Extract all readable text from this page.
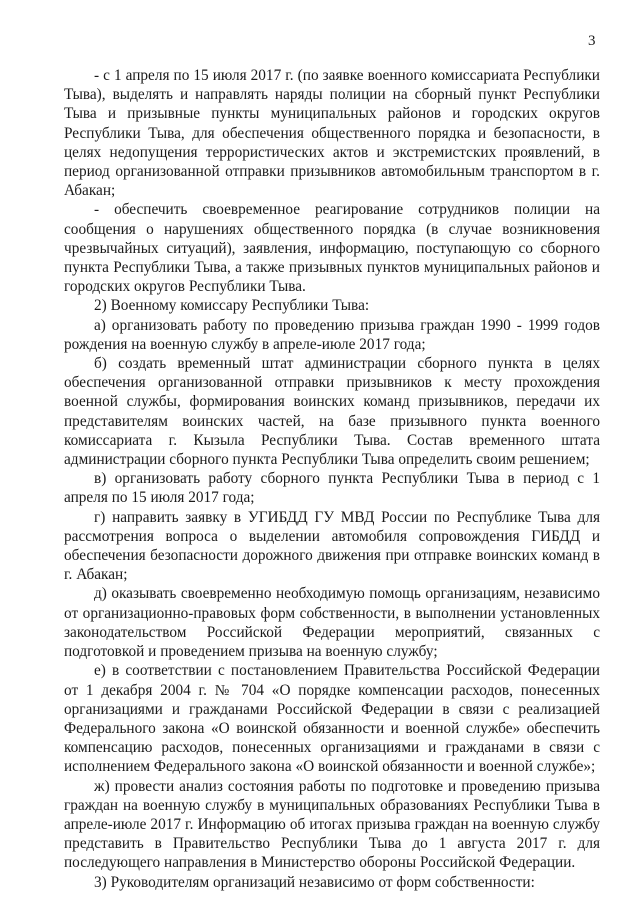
3

- с 1 апреля по 15 июля 2017 г. (по заявке военного комиссариата Республики Тыва), выделять и направлять наряды полиции на сборный пункт Республики Тыва и призывные пункты муниципальных районов и городских округов Республики Тыва, для обеспечения общественного порядка и безопасности, в целях недопущения террористических актов и экстремистских проявлений, в период организованной отправки призывников автомобильным транспортом в г. Абакан;

- обеспечить своевременное реагирование сотрудников полиции на сообщения о нарушениях общественного порядка (в случае возникновения чрезвычайных ситуаций), заявления, информацию, поступающую со сборного пункта Республики Тыва, а также призывных пунктов муниципальных районов и городских округов Республики Тыва.

2) Военному комиссару Республики Тыва:

а) организовать работу по проведению призыва граждан 1990 - 1999 годов рождения на военную службу в апреле-июле 2017 года;

б) создать временный штат администрации сборного пункта в целях обеспечения организованной отправки призывников к месту прохождения военной службы, формирования воинских команд призывников, передачи их представителям воинских частей, на базе призывного пункта военного комиссариата г. Кызыла Республики Тыва. Состав временного штата администрации сборного пункта Республики Тыва определить своим решением;

в) организовать работу сборного пункта Республики Тыва в период с 1 апреля по 15 июля 2017 года;

г) направить заявку в УГИБДД ГУ МВД России по Республике Тыва для рассмотрения вопроса о выделении автомобиля сопровождения ГИБДД и обеспечения безопасности дорожного движения при отправке воинских команд в г. Абакан;

д) оказывать своевременно необходимую помощь организациям, независимо от организационно-правовых форм собственности, в выполнении установленных законодательством Российской Федерации мероприятий, связанных с подготовкой и проведением призыва на военную службу;

е) в соответствии с постановлением Правительства Российской Федерации от 1 декабря 2004 г. № 704 «О порядке компенсации расходов, понесенных организациями и гражданами Российской Федерации в связи с реализацией Федерального закона «О воинской обязанности и военной службе» обеспечить компенсацию расходов, понесенных организациями и гражданами в связи с исполнением Федерального закона «О воинской обязанности и военной службе»;

ж) провести анализ состояния работы по подготовке и проведению призыва граждан на военную службу в муниципальных образованиях Республики Тыва в апреле-июле 2017 г. Информацию об итогах призыва граждан на военную службу представить в Правительство Республики Тыва до 1 августа 2017 г. для последующего направления в Министерство обороны Российской Федерации.

3) Руководителям организаций независимо от форм собственности:
